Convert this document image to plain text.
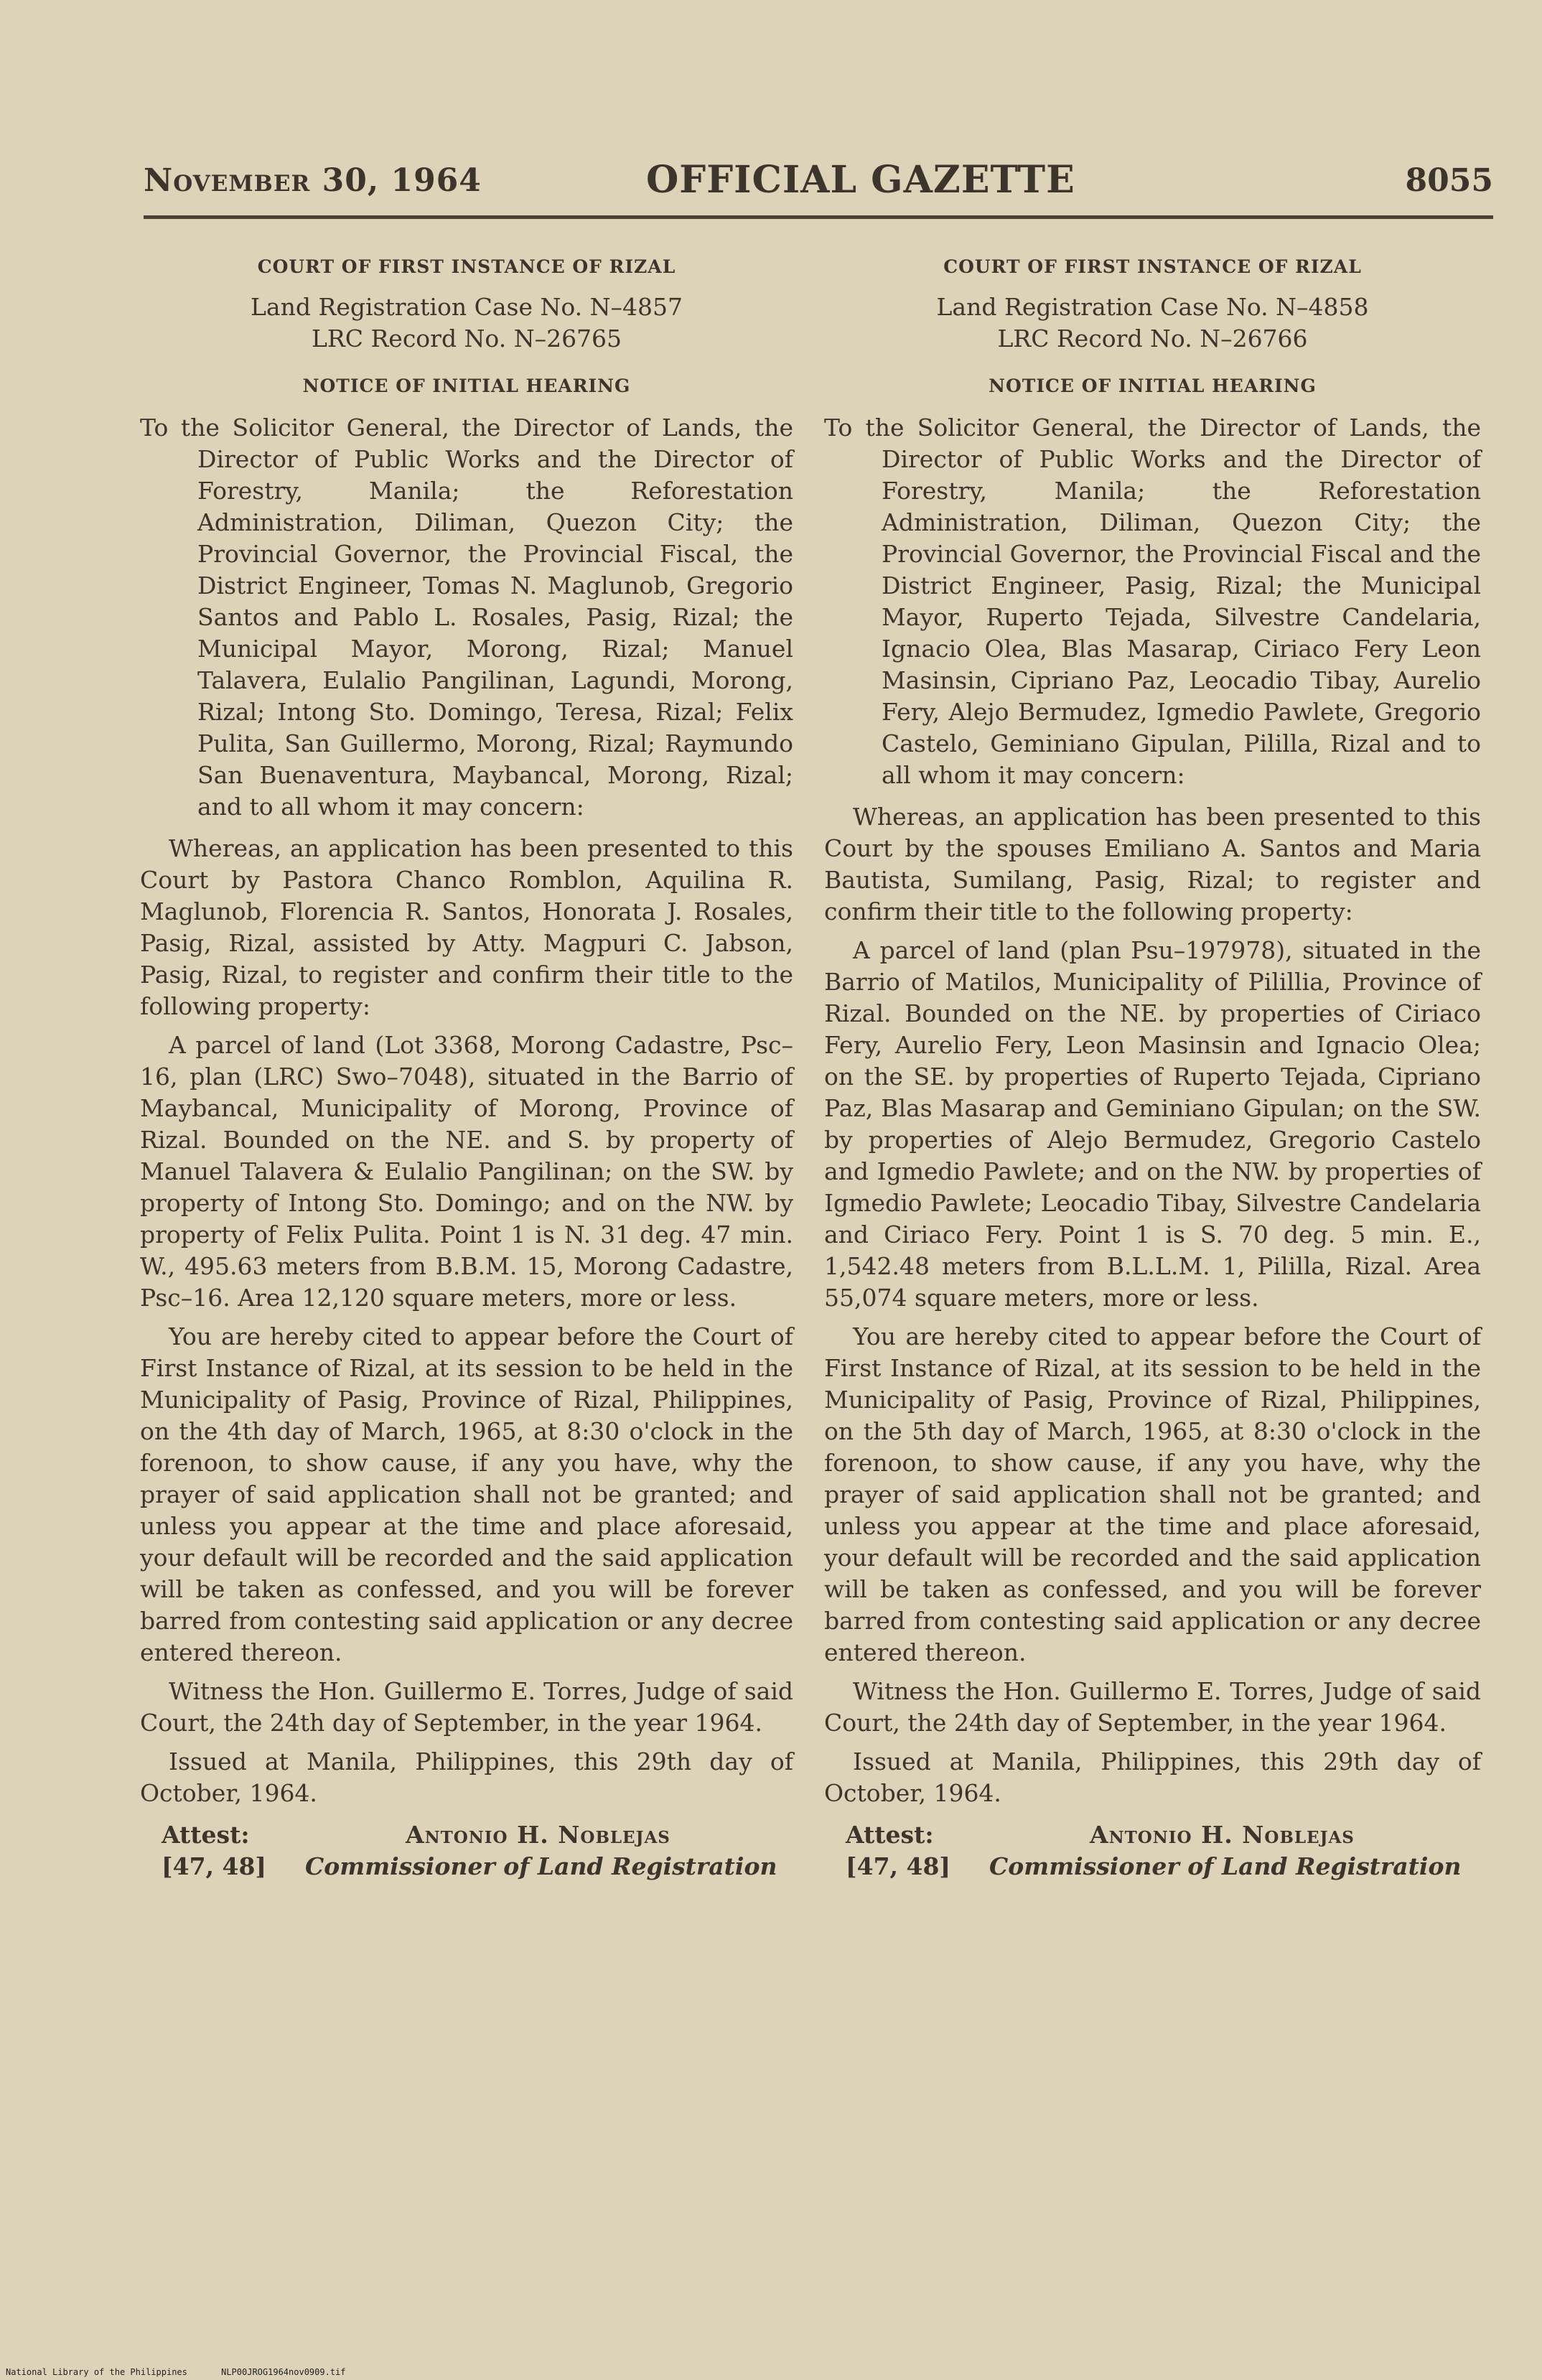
November 30, 1964	OFFICIAL GAZETTE	8055

COURT OF FIRST INSTANCE OF RIZAL

Land Registration Case No. N–4857

LRC Record No. N–26765

NOTICE OF INITIAL HEARING

To the Solicitor General, the Director of Lands, the Director of Public Works and the Director of Forestry, Manila; the Reforestation Administration, Diliman, Quezon City; the Provincial Governor, the Provincial Fiscal, the District Engineer, Tomas N. Maglunob, Gregorio Santos and Pablo L. Rosales, Pasig, Rizal; the Municipal Mayor, Morong, Rizal; Manuel Talavera, Eulalio Pangilinan, Lagundi, Morong, Rizal; Intong Sto. Domingo, Teresa, Rizal; Felix Pulita, San Guillermo, Morong, Rizal; Raymundo San Buenaventura, Maybancal, Morong, Rizal; and to all whom it may concern:

Whereas, an application has been presented to this Court by Pastora Chanco Romblon, Aquilina R. Maglunob, Florencia R. Santos, Honorata J. Rosales, Pasig, Rizal, assisted by Atty. Magpuri C. Jabson, Pasig, Rizal, to register and confirm their title to the following property:

A parcel of land (Lot 3368, Morong Cadastre, Psc–16, plan (LRC) Swo–7048), situated in the Barrio of Maybancal, Municipality of Morong, Province of Rizal. Bounded on the NE. and S. by property of Manuel Talavera & Eulalio Pangilinan; on the SW. by property of Intong Sto. Domingo; and on the NW. by property of Felix Pulita. Point 1 is N. 31 deg. 47 min. W., 495.63 meters from B.B.M. 15, Morong Cadastre, Psc–16. Area 12,120 square meters, more or less.

You are hereby cited to appear before the Court of First Instance of Rizal, at its session to be held in the Municipality of Pasig, Province of Rizal, Philippines, on the 4th day of March, 1965, at 8:30 o'clock in the forenoon, to show cause, if any you have, why the prayer of said application shall not be granted; and unless you appear at the time and place aforesaid, your default will be recorded and the said application will be taken as confessed, and you will be forever barred from contesting said application or any decree entered thereon.

Witness the Hon. Guillermo E. Torres, Judge of said Court, the 24th day of September, in the year 1964.

Issued at Manila, Philippines, this 29th day of October, 1964.

Attest:
[47, 48]
Antonio H. Noblejas
Commissioner of Land Registration

COURT OF FIRST INSTANCE OF RIZAL

Land Registration Case No. N–4858

LRC Record No. N–26766

NOTICE OF INITIAL HEARING

To the Solicitor General, the Director of Lands, the Director of Public Works and the Director of Forestry, Manila; the Reforestation Administration, Diliman, Quezon City; the Provincial Governor, the Provincial Fiscal and the District Engineer, Pasig, Rizal; the Municipal Mayor, Ruperto Tejada, Silvestre Candelaria, Ignacio Olea, Blas Masarap, Ciriaco Fery Leon Masinsin, Cipriano Paz, Leocadio Tibay, Aurelio Fery, Alejo Bermudez, Igmedio Pawlete, Gregorio Castelo, Geminiano Gipulan, Pililla, Rizal and to all whom it may concern:

Whereas, an application has been presented to this Court by the spouses Emiliano A. Santos and Maria Bautista, Sumilang, Pasig, Rizal; to register and confirm their title to the following property:

A parcel of land (plan Psu–197978), situated in the Barrio of Matilos, Municipality of Pilillia, Province of Rizal. Bounded on the NE. by properties of Ciriaco Fery, Aurelio Fery, Leon Masinsin and Ignacio Olea; on the SE. by properties of Ruperto Tejada, Cipriano Paz, Blas Masarap and Geminiano Gipulan; on the SW. by properties of Alejo Bermudez, Gregorio Castelo and Igmedio Pawlete; and on the NW. by properties of Igmedio Pawlete; Leocadio Tibay, Silvestre Candelaria and Ciriaco Fery. Point 1 is S. 70 deg. 5 min. E., 1,542.48 meters from B.L.L.M. 1, Pililla, Rizal. Area 55,074 square meters, more or less.

You are hereby cited to appear before the Court of First Instance of Rizal, at its session to be held in the Municipality of Pasig, Province of Rizal, Philippines, on the 5th day of March, 1965, at 8:30 o'clock in the forenoon, to show cause, if any you have, why the prayer of said application shall not be granted; and unless you appear at the time and place aforesaid, your default will be recorded and the said application will be taken as confessed, and you will be forever barred from contesting said application or any decree entered thereon.

Witness the Hon. Guillermo E. Torres, Judge of said Court, the 24th day of September, in the year 1964.

Issued at Manila, Philippines, this 29th day of October, 1964.

Attest:
[47, 48]
Antonio H. Noblejas
Commissioner of Land Registration
National Library of the Philippines	NLP00JROG1964nov0909.tif
